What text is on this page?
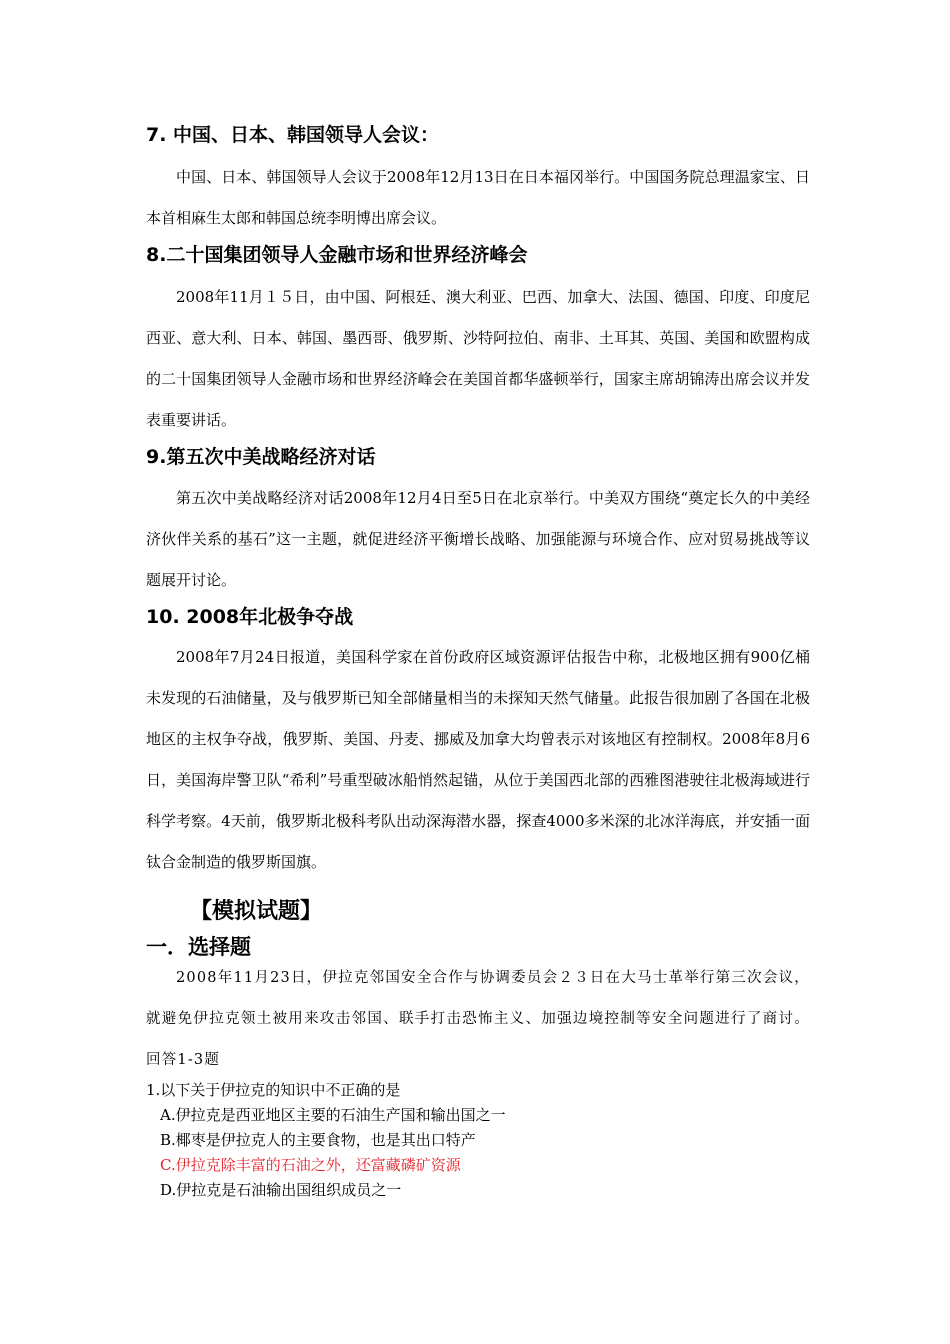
7. 中国、日本、韩国领导人会议：

中国、日本、韩国领导人会议于2008年12月13日在日本福冈举行。中国国务院总理温家宝、日本首相麻生太郎和韩国总统李明博出席会议。

8.二十国集团领导人金融市场和世界经济峰会

2008年11月１５日，由中国、阿根廷、澳大利亚、巴西、加拿大、法国、德国、印度、印度尼西亚、意大利、日本、韩国、墨西哥、俄罗斯、沙特阿拉伯、南非、土耳其、英国、美国和欧盟构成的二十国集团领导人金融市场和世界经济峰会在美国首都华盛顿举行，国家主席胡锦涛出席会议并发表重要讲话。

9.第五次中美战略经济对话

第五次中美战略经济对话2008年12月4日至5日在北京举行。中美双方围绕“奠定长久的中美经济伙伴关系的基石”这一主题，就促进经济平衡增长战略、加强能源与环境合作、应对贸易挑战等议题展开讨论。

10. 2008年北极争夺战

2008年7月24日报道，美国科学家在首份政府区域资源评估报告中称，北极地区拥有900亿桶未发现的石油储量，及与俄罗斯已知全部储量相当的未探知天然气储量。此报告很加剧了各国在北极地区的主权争夺战，俄罗斯、美国、丹麦、挪威及加拿大均曾表示对该地区有控制权。2008年8月6日，美国海岸警卫队“希利”号重型破冰船悄然起锚，从位于美国西北部的西雅图港驶往北极海域进行科学考察。4天前，俄罗斯北极科考队出动深海潜水器，探查4000多米深的北冰洋海底，并安插一面钛合金制造的俄罗斯国旗。

【模拟试题】
一．选择题

2008年11月23日，伊拉克邻国安全合作与协调委员会２３日在大马士革举行第三次会议，就避免伊拉克领土被用来攻击邻国、联手打击恐怖主义、加强边境控制等安全问题进行了商讨。回答1-3题

1.以下关于伊拉克的知识中不正确的是

A.伊拉克是西亚地区主要的石油生产国和输出国之一

B.椰枣是伊拉克人的主要食物，也是其出口特产

C.伊拉克除丰富的石油之外，还富藏磷矿资源

D.伊拉克是石油输出国组织成员之一
